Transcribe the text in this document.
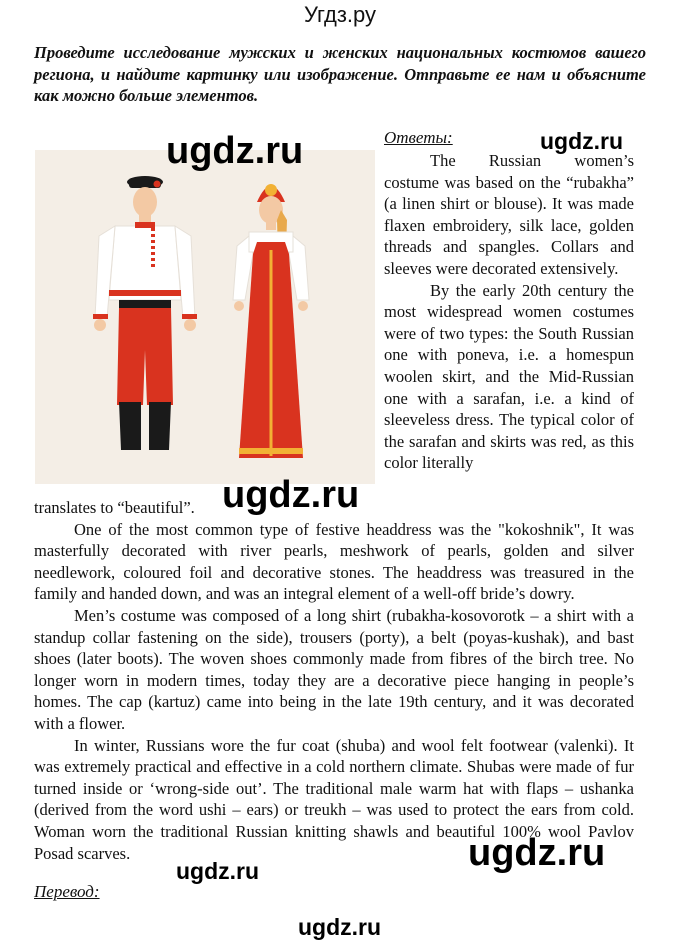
Угдз.ру
Проведите исследование мужских и женских национальных костюмов вашего региона, и найдите картинку или изображение. Отправьте ее нам и объясните как можно больше элементов.
Ответы:

The Russian women’s costume was based on the “rubakha” (a linen shirt or blouse). It was made flaxen embroidery, silk lace, golden threads and spangles. Collars and sleeves were decorated extensively.

By the early 20th century the most widespread women costumes were of two types: the South Russian one with poneva, i.e. a homespun woolen skirt, and the Mid-Russian one with a sarafan, i.e. a kind of sleeveless dress. The typical color of the sarafan and skirts was red, as this color literally

translates to “beautiful”.

One of the most common type of festive headdress was the "kokoshnik", It was masterfully decorated with river pearls, meshwork of pearls, golden and silver needlework, coloured foil and decorative stones. The headdress was treasured in the family and handed down, and was an integral element of a well-off bride’s dowry.

Men’s costume was composed of a long shirt (rubakha-kosovorotk – a shirt with a standup collar fastening on the side), trousers (porty), a belt (poyas-kushak), and bast shoes (later boots). The woven shoes commonly made from fibres of the birch tree. No longer worn in modern times, today they are a decorative piece hanging in people’s homes. The cap (kartuz) came into being in the late 19th century, and it was decorated with a flower.

In winter, Russians wore the fur coat (shuba) and wool felt footwear (valenki). It was extremely practical and effective in a cold northern climate. Shubas were made of fur turned inside or ‘wrong-side out’. The traditional male warm hat with flaps – ushanka (derived from the word ushi – ears) or treukh – was used to protect the ears from cold. Woman worn the traditional Russian knitting shawls and beautiful 100% wool Pavlov Posad scarves.

Перевод:
ugdz.ru	ugdz.ru
ugdz.ru
ugdz.ru
ugdz.ru
ugdz.ru
